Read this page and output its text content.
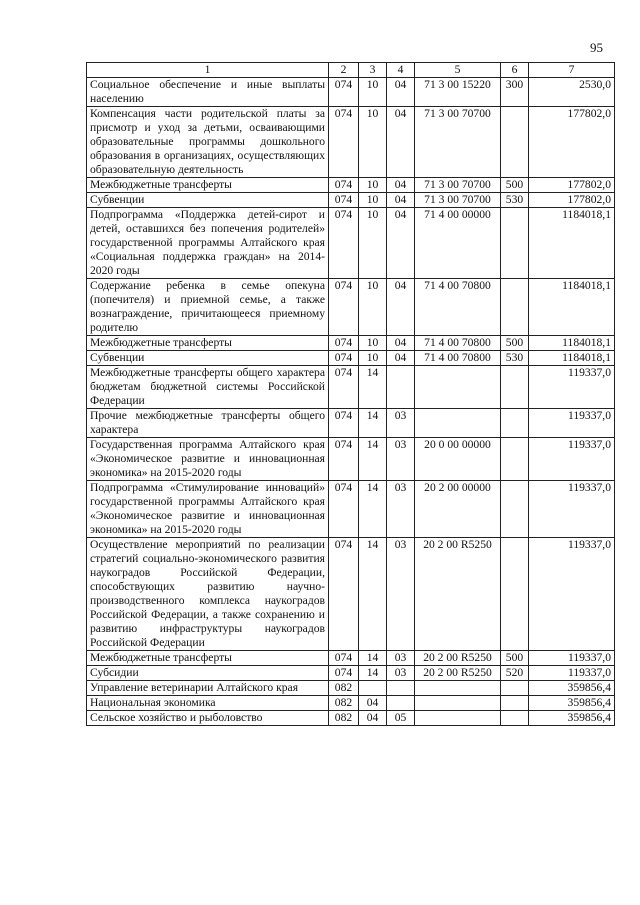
95
1	2	3	4	5	6	7
Социальное обеспечение и иные выплаты населению	074	10	04	71 3 00 15220	300	2530,0
Компенсация части родительской платы за присмотр и уход за детьми, осваивающими образовательные программы дошкольного образования в организациях, осуществляющих образовательную деятельность	074	10	04	71 3 00 70700		177802,0
Межбюджетные трансферты	074	10	04	71 3 00 70700	500	177802,0
Субвенции	074	10	04	71 3 00 70700	530	177802,0
Подпрограмма «Поддержка детей-сирот и детей, оставшихся без попечения родителей» государственной программы Алтайского края «Социальная поддержка граждан» на 2014-2020 годы	074	10	04	71 4 00 00000		1184018,1
Содержание ребенка в семье опекуна (попечителя) и приемной семье, а также вознаграждение, причитающееся приемному родителю	074	10	04	71 4 00 70800		1184018,1
Межбюджетные трансферты	074	10	04	71 4 00 70800	500	1184018,1
Субвенции	074	10	04	71 4 00 70800	530	1184018,1
Межбюджетные трансферты общего характера бюджетам бюджетной системы Российской Федерации	074	14				119337,0
Прочие межбюджетные трансферты общего характера	074	14	03			119337,0
Государственная программа Алтайского края «Экономическое развитие и инновационная экономика» на 2015-2020 годы	074	14	03	20 0 00 00000		119337,0
Подпрограмма «Стимулирование инноваций» государственной программы Алтайского края «Экономическое развитие и инновационная экономика» на 2015-2020 годы	074	14	03	20 2 00 00000		119337,0
Осуществление мероприятий по реализации стратегий социально-экономического развития наукоградов Российской Федерации, способствующих развитию научно-производственного комплекса наукоградов Российской Федерации, а также сохранению и развитию инфраструктуры наукоградов Российской Федерации	074	14	03	20 2 00 R5250		119337,0
Межбюджетные трансферты	074	14	03	20 2 00 R5250	500	119337,0
Субсидии	074	14	03	20 2 00 R5250	520	119337,0
Управление ветеринарии Алтайского края	082					359856,4
Национальная экономика	082	04				359856,4
Сельское хозяйство и рыболовство	082	04	05			359856,4
